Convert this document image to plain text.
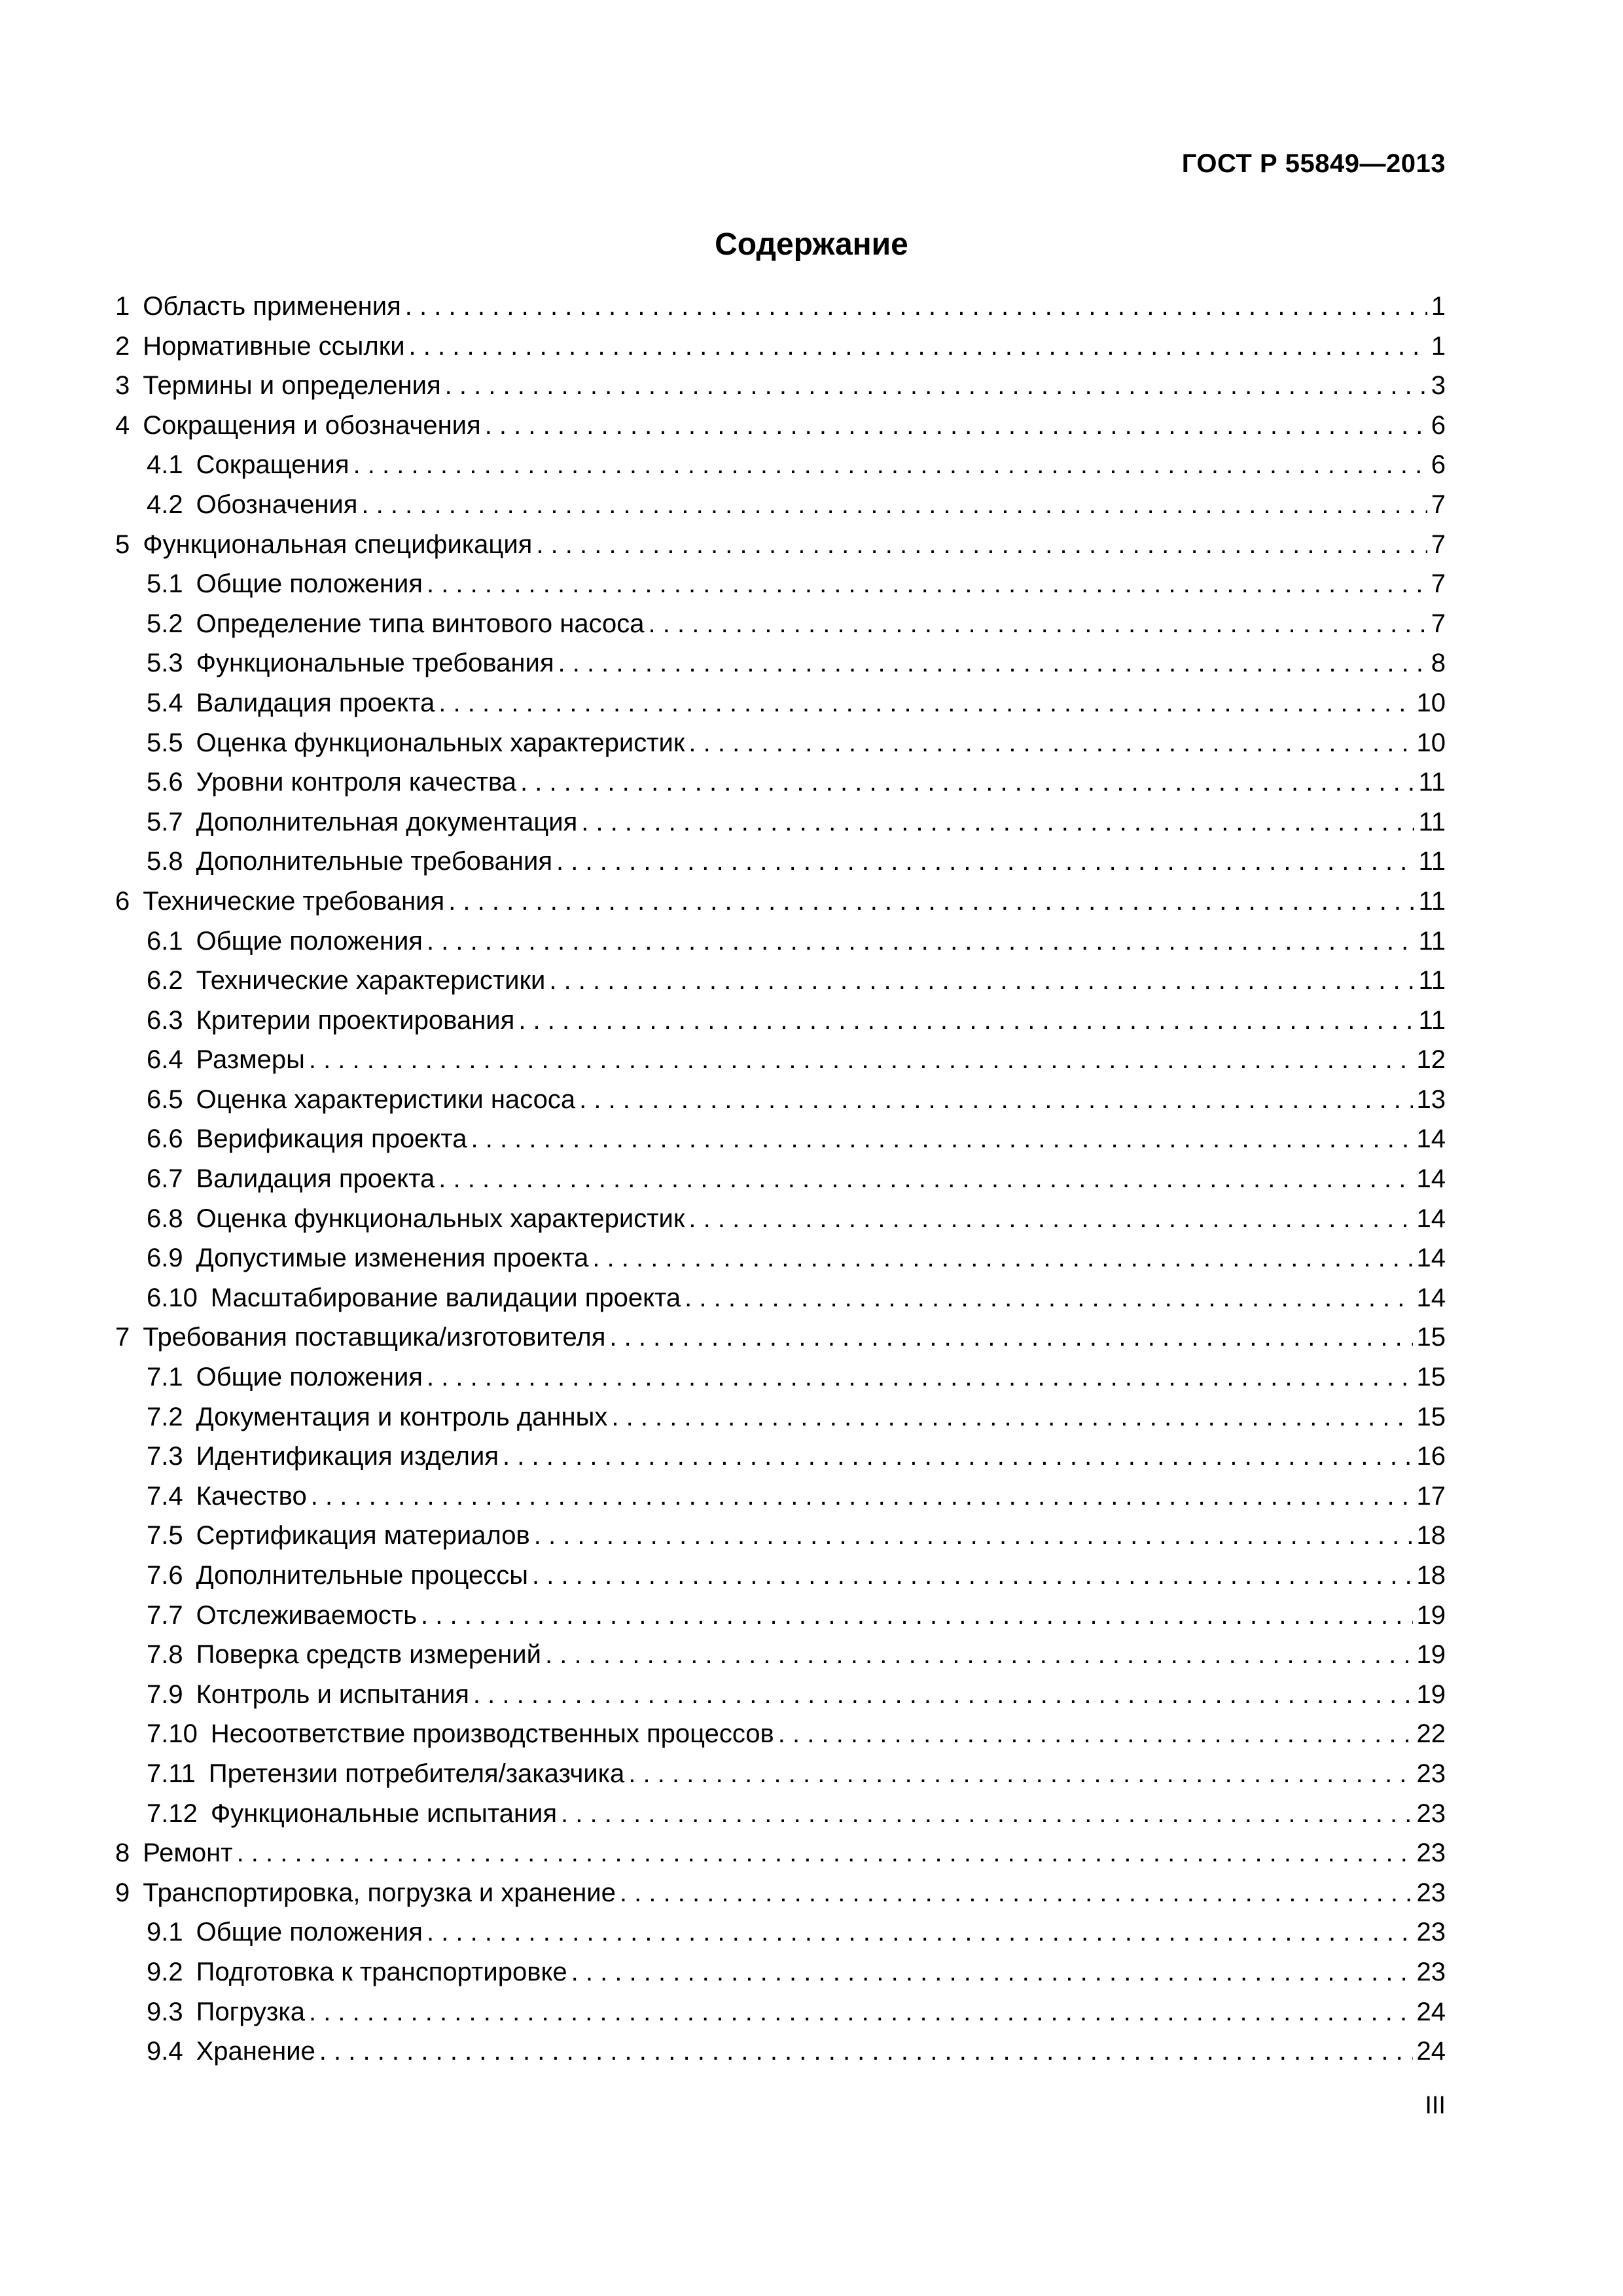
ГОСТ Р 55849—2013
Содержание
1 Область применения . . .	1
2 Нормативные ссылки . . .	1
3 Термины и определения . . .	3
4 Сокращения и обозначения . . .	6
4.1 Сокращения . . .	6
4.2 Обозначения . . .	7
5 Функциональная спецификация . . .	7
5.1 Общие положения . . .	7
5.2 Определение типа винтового насоса . . .	7
5.3 Функциональные требования . . .	8
5.4 Валидация проекта . . .	10
5.5 Оценка функциональных характеристик . . .	10
5.6 Уровни контроля качества . . .	11
5.7 Дополнительная документация . . .	11
5.8 Дополнительные требования . . .	11
6 Технические требования . . .	11
6.1 Общие положения . . .	11
6.2 Технические характеристики . . .	11
6.3 Критерии проектирования . . .	11
6.4 Размеры . . .	12
6.5 Оценка характеристики насоса . . .	13
6.6 Верификация проекта . . .	14
6.7 Валидация проекта . . .	14
6.8 Оценка функциональных характеристик . . .	14
6.9 Допустимые изменения проекта . . .	14
6.10 Масштабирование валидации проекта . . .	14
7 Требования поставщика/изготовителя . . .	15
7.1 Общие положения . . .	15
7.2 Документация и контроль данных . . .	15
7.3 Идентификация изделия . . .	16
7.4 Качество . . .	17
7.5 Сертификация материалов . . .	18
7.6 Дополнительные процессы . . .	18
7.7 Отслеживаемость . . .	19
7.8 Поверка средств измерений . . .	19
7.9 Контроль и испытания . . .	19
7.10 Несоответствие производственных процессов . . .	22
7.11 Претензии потребителя/заказчика . . .	23
7.12 Функциональные испытания . . .	23
8 Ремонт . . .	23
9 Транспортировка, погрузка и хранение . . .	23
9.1 Общие положения . . .	23
9.2 Подготовка к транспортировке . . .	23
9.3 Погрузка . . .	24
9.4 Хранение . . .	24
III
